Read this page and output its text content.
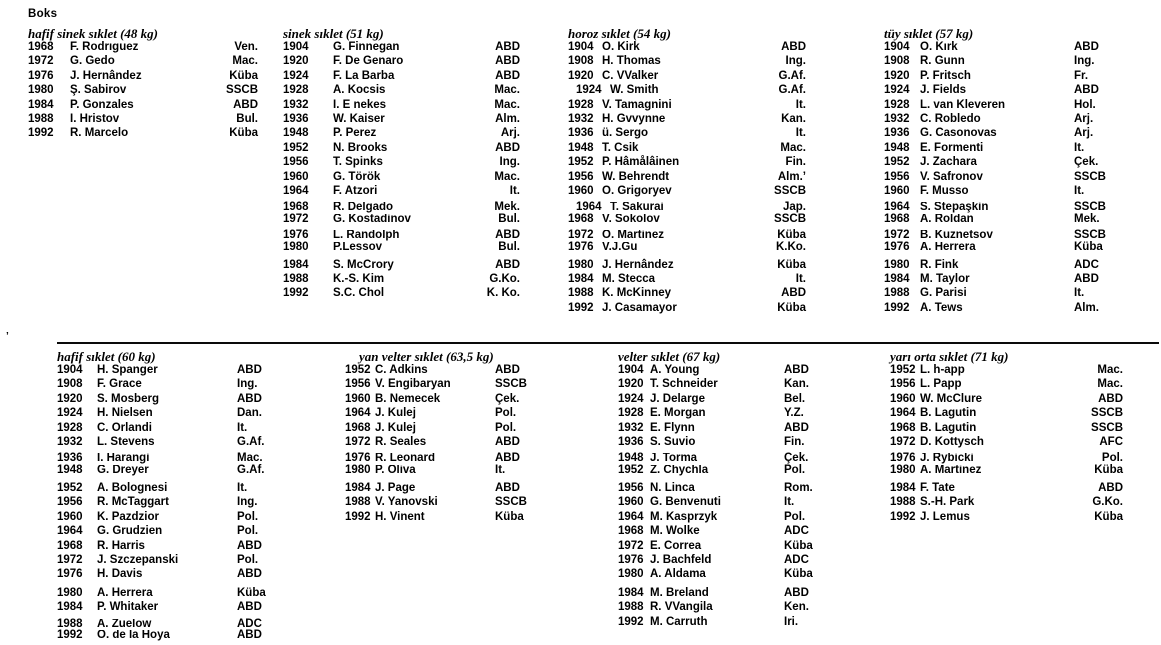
Boks
’
hafif sinek sıklet (48 kg)
1968	F. Rodrıguez	Ven.
1972	G. Gedo	Mac.
1976	J. Hernândez	Küba
1980	Ş. Sabirov	SSCB
1984	P. Gonzales	ABD
1988	I. Hristov	Bul.
1992	R. Marcelo	Küba
sinek sıklet (51 kg)
1904	G. Finnegan	ABD
1920	F. De Genaro	ABD
1924	F. La Barba	ABD
1928	A. Kocsis	Mac.
1932	I. E nekes	Mac.
1936	W. Kaiser	Alm.
1948	P. Perez	Arj.
1952	N. Brooks	ABD
1956	T. Spinks	Ing.
1960	G. Török	Mac.
1964	F. Atzori	It.
1968	R. Delgado	Mek.
1972	G. Kostadinov	Bul.
1976	L. Randolph	ABD
1980	P.Lessov	Bul.
1984	S. McCrory	ABD
1988	K.-S. Kim	G.Ko.
1992	S.C. Chol	K. Ko.
horoz sıklet (54 kg)
1904 O. Kirk	ABD
1908 H. Thomas	Ing.
1920 C. VValker	G.Af.
1924 W. Smith	G.Af.
1928 V. Tamagnini	It.
1932 H. Gvvynne	Kan.
1936 ü. Sergo	It.
1948 T. Csik	Mac.
1952 P. Hâmålâinen	Fin.
1956 W. Behrendt	Alm.’
1960 O. Grigoryev	SSCB
1964 T. Sakurai	Jap.
1968 V. Sokolov	SSCB
1972 O. Martinez	Küba
1976 V.J.Gu	K.Ko.
1980 J. Hernândez	Küba
1984 M. Stecca	It.
1988 K. McKinney	ABD
1992 J. Casamayor	Küba
tüy sıklet (57 kg)
1904 O. Kırk	ABD
1908 R. Gunn	Ing.
1920 P. Fritsch	Fr.
1924 J. Fields	ABD
1928 L. van Kleveren	Hol.
1932 C. Robledo	Arj.
1936 G. Casonovas	Arj.
1948 E. Formenti	It.
1952 J. Zachara	Çek.
1956 V. Safronov	SSCB
1960 F. Musso	It.
1964 S. Stepaşkin	SSCB
1968 A. Roldan	Mek.
1972 B. Kuznetsov	SSCB
1976 A. Herrera	Küba
1980 R. Fink	ADC
1984 M. Taylor	ABD
1988 G. Parisi	It.
1992 A. Tews	Alm.
hafif sıklet (60 kg)
1904	H. Spanger	ABD
1908	F. Grace	Ing.
1920	S. Mosberg	ABD
1924	H. Nielsen	Dan.
1928	C. Orlandi	It.
1932	L. Stevens	G.Af.
1936	I. Harangi	Mac.
1948	G. Dreyer	G.Af.
1952	A. Bolognesi	It.
1956	R. McTaggart	Ing.
1960	K. Pazdzior	Pol.
1964	G. Grudzien	Pol.
1968	R. Harris	ABD
1972	J. Szczepanski	Pol.
1976	H. Davis	ABD
1980	A. Herrera	Küba
1984	P. Whitaker	ABD
1988	A. Zuelow	ADC
1992	O. de la Hoya	ABD
yan velter sıklet (63,5 kg)
1952 C. Adkins	ABD
1956 V. Engibaryan	SSCB
1960 B. Nemecek	Çek.
1964 J. Kulej	Pol.
1968 J. Kulej	Pol.
1972 R. Seales	ABD
1976 R. Leonard	ABD
1980 P. Oliva	It.
1984 J. Page	ABD
1988 V. Yanovski	SSCB
1992 H. Vinent	Küba
velter sıklet (67 kg)
1904 A. Young	ABD
1920 T. Schneider	Kan.
1924 J. Delarge	Bel.
1928 E. Morgan	Y.Z.
1932 E. Flynn	ABD
1936 S. Suvio	Fin.
1948 J. Torma	Çek.
1952 Z. Chychla	Pol.
1956 N. Linca	Rom.
1960 G. Benvenuti	It.
1964 M. Kasprzyk	Pol.
1968 M. Wolke	ADC
1972 E. Correa	Küba
1976 J. Bachfeld	ADC
1980 A. Aldama	Küba
1984 M. Breland	ABD
1988 R. VVangila	Ken.
1992 M. Carruth	Iri.
yarı orta sıklet (71 kg)
1952 L. h-app	Mac.
1956 L. Papp	Mac.
1960 W. McClure	ABD
1964 B. Lagutin	SSCB
1968 B. Lagutin	SSCB
1972 D. Kottysch	AFC
1976 J. Rybicki	Pol.
1980 A. Martinez	Küba
1984 F. Tate	ABD
1988 S.-H. Park	G.Ko.
1992 J. Lemus	Küba
